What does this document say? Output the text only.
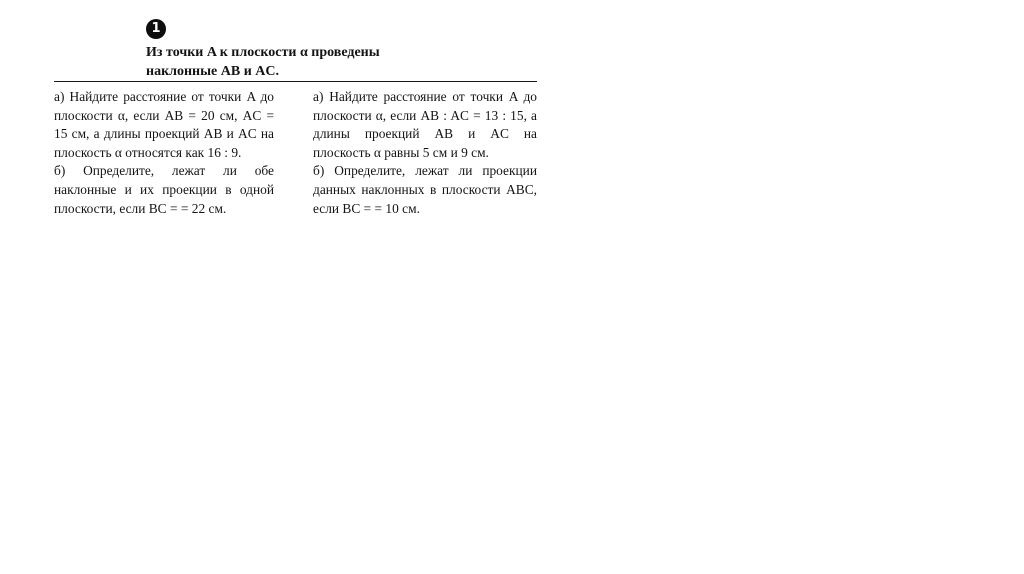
1
Из точки A к плоскости α проведены
наклонные AB и AC.

а) Найдите расстояние от точки A до плоскости α, если AB = 20 см, AC = 15 см, а длины проекций AB и AC на плоскость α относятся как 16 : 9.

б) Определите, лежат ли обе наклонные и их проекции в одной плоскости, если BC = = 22 см.

а) Найдите расстояние от точки A до плоскости α, если AB : AC = 13 : 15, а длины проекций AB и AC на плоскость α равны 5 см и 9 см.

б) Определите, лежат ли проекции данных наклонных в плоскости ABC, если BC = = 10 см.
